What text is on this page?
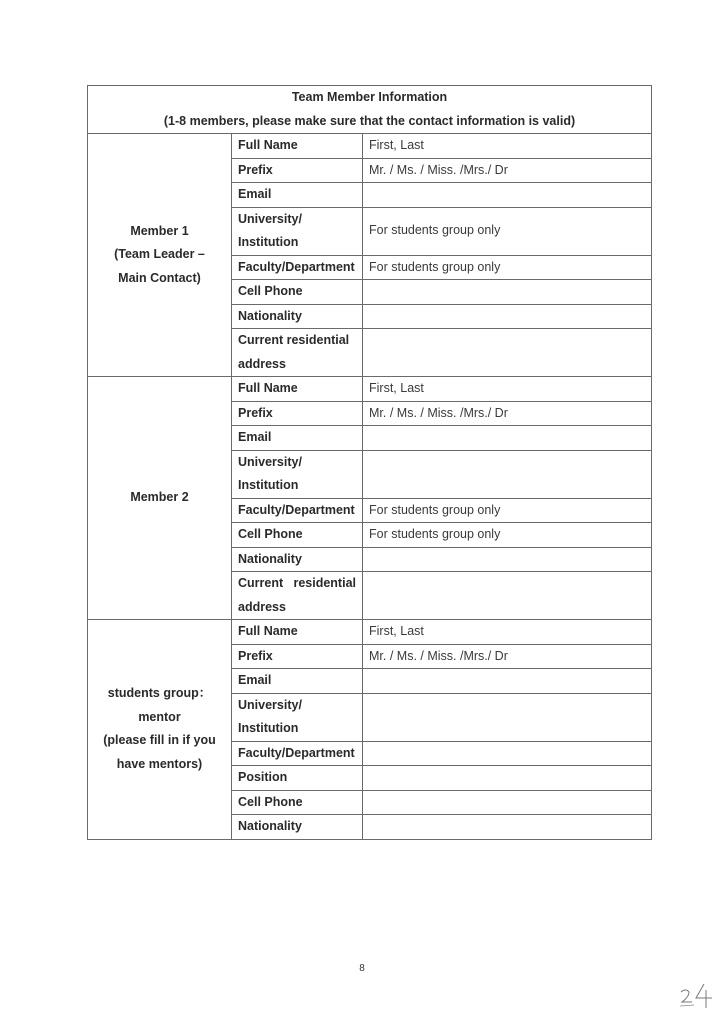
Team Member Information
(1-8 members, please make sure that the contact information is valid)		

Member 1
(Team Leader –
Main Contact)	Full Name	First, Last
	Prefix	Mr. / Ms. / Miss. /Mrs./ Dr
	Email	

	University/
Institution	For students group only
	Faculty/Department	For students group only
	Cell Phone	
	Nationality	

	Current residential
address	

Member 2	Full Name	First, Last
	Prefix	Mr. / Ms. / Miss. /Mrs./ Dr
	Email	

	University/
Institution	

	Faculty/Department	For students group only
	Cell Phone	For students group only
	Nationality	

	Current residential
address	

students group：
mentor
(please fill in if you
have mentors)	Full Name	First, Last
	Prefix	Mr. / Ms. / Miss. /Mrs./ Dr
	Email	

	University/
Institution	

	Faculty/Department	
	Position	
	Cell Phone	
	Nationality	
8
